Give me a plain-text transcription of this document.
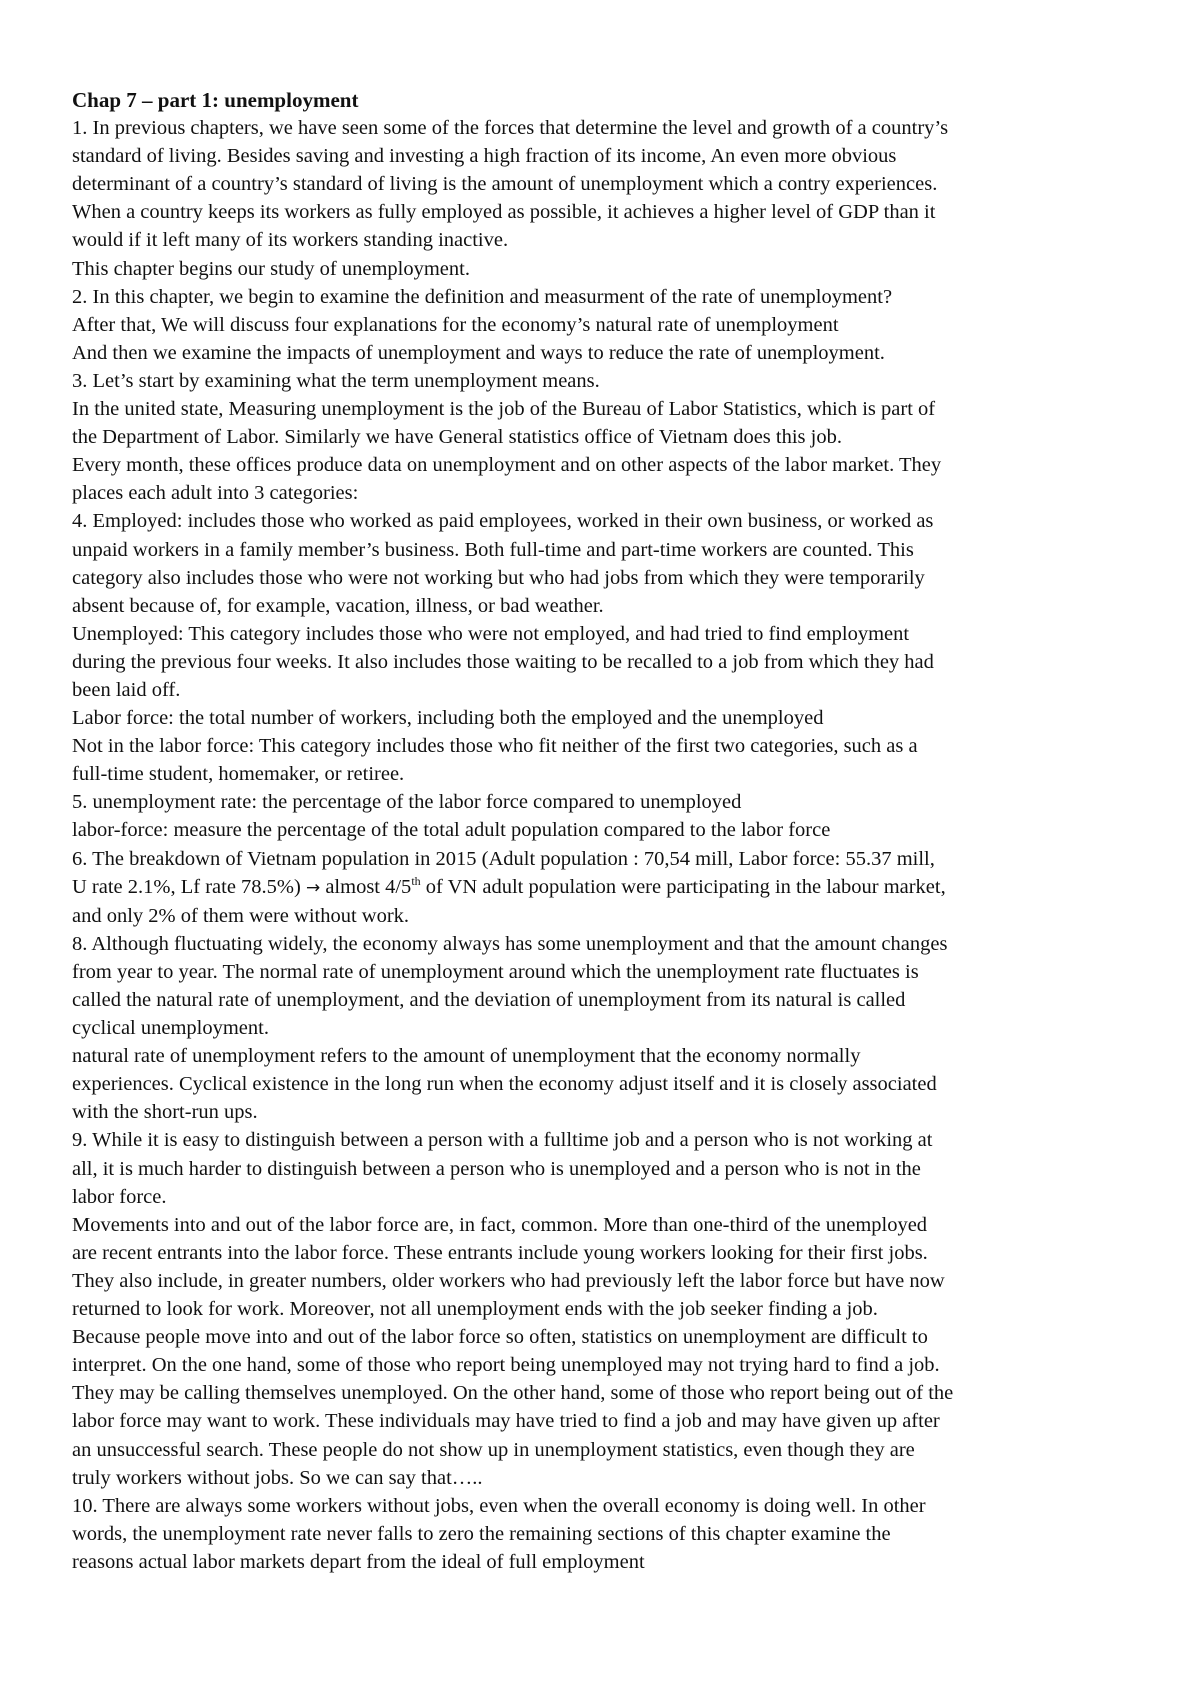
Chap 7 – part 1: unemployment

1. In previous chapters, we have seen some of the forces that determine the level and growth of a country’s

standard of living. Besides saving and investing a high fraction of its income, An even more obvious

determinant of a country’s standard of living is the amount of unemployment which a contry experiences.

When a country keeps its workers as fully employed as possible, it achieves a higher level of GDP than it

would if it left many of its workers standing inactive.

This chapter begins our study of unemployment.

2. In this chapter, we begin to examine the definition and measurment of the rate of unemployment?

After that, We will discuss four explanations for the economy’s natural rate of unemployment

And then we examine the impacts of unemployment and ways to reduce the rate of unemployment.

3. Let’s start by examining what the term unemployment means.

In the united state, Measuring unemployment is the job of the Bureau of Labor Statistics, which is part of

the Department of Labor. Similarly we have General statistics office of Vietnam does this job.

Every month, these offices produce data on unemployment and on other aspects of the labor market. They

places each adult into 3 categories:

4. Employed: includes those who worked as paid employees, worked in their own business, or worked as

unpaid workers in a family member’s business. Both full-time and part-time workers are counted. This

category also includes those who were not working but who had jobs from which they were temporarily

absent because of, for example, vacation, illness, or bad weather.

Unemployed: This category includes those who were not employed, and had tried to find employment

during the previous four weeks. It also includes those waiting to be recalled to a job from which they had

been laid off.

Labor force: the total number of workers, including both the employed and the unemployed

Not in the labor force: This category includes those who fit neither of the first two categories, such as a

full-time student, homemaker, or retiree.

5. unemployment rate: the percentage of the labor force compared to unemployed

labor-force: measure the percentage of the total adult population compared to the labor force

6. The breakdown of Vietnam population in 2015 (Adult population : 70,54 mill, Labor force: 55.37 mill,

U rate 2.1%, Lf rate 78.5%) → almost 4/5th of VN adult population were participating in the labour market,

and only 2% of them were without work.

8. Although fluctuating widely, the economy always has some unemployment and that the amount changes

from year to year. The normal rate of unemployment around which the unemployment rate fluctuates is

called the natural rate of unemployment, and the deviation of unemployment from its natural is called

cyclical unemployment.

natural rate of unemployment refers to the amount of unemployment that the economy normally

experiences. Cyclical existence in the long run when the economy adjust itself and it is closely associated

with the short-run ups.

9. While it is easy to distinguish between a person with a fulltime job and a person who is not working at

all, it is much harder to distinguish between a person who is unemployed and a person who is not in the

labor force.

Movements into and out of the labor force are, in fact, common. More than one-third of the unemployed

are recent entrants into the labor force. These entrants include young workers looking for their first jobs.

They also include, in greater numbers, older workers who had previously left the labor force but have now

returned to look for work. Moreover, not all unemployment ends with the job seeker finding a job.

Because people move into and out of the labor force so often, statistics on unemployment are difficult to

interpret. On the one hand, some of those who report being unemployed may not trying hard to find a job.

They may be calling themselves unemployed. On the other hand, some of those who report being out of the

labor force may want to work. These individuals may have tried to find a job and may have given up after

an unsuccessful search. These people do not show up in unemployment statistics, even though they are

truly workers without jobs. So we can say that…..

10. There are always some workers without jobs, even when the overall economy is doing well. In other

words, the unemployment rate never falls to zero the remaining sections of this chapter examine the

reasons actual labor markets depart from the ideal of full employment
